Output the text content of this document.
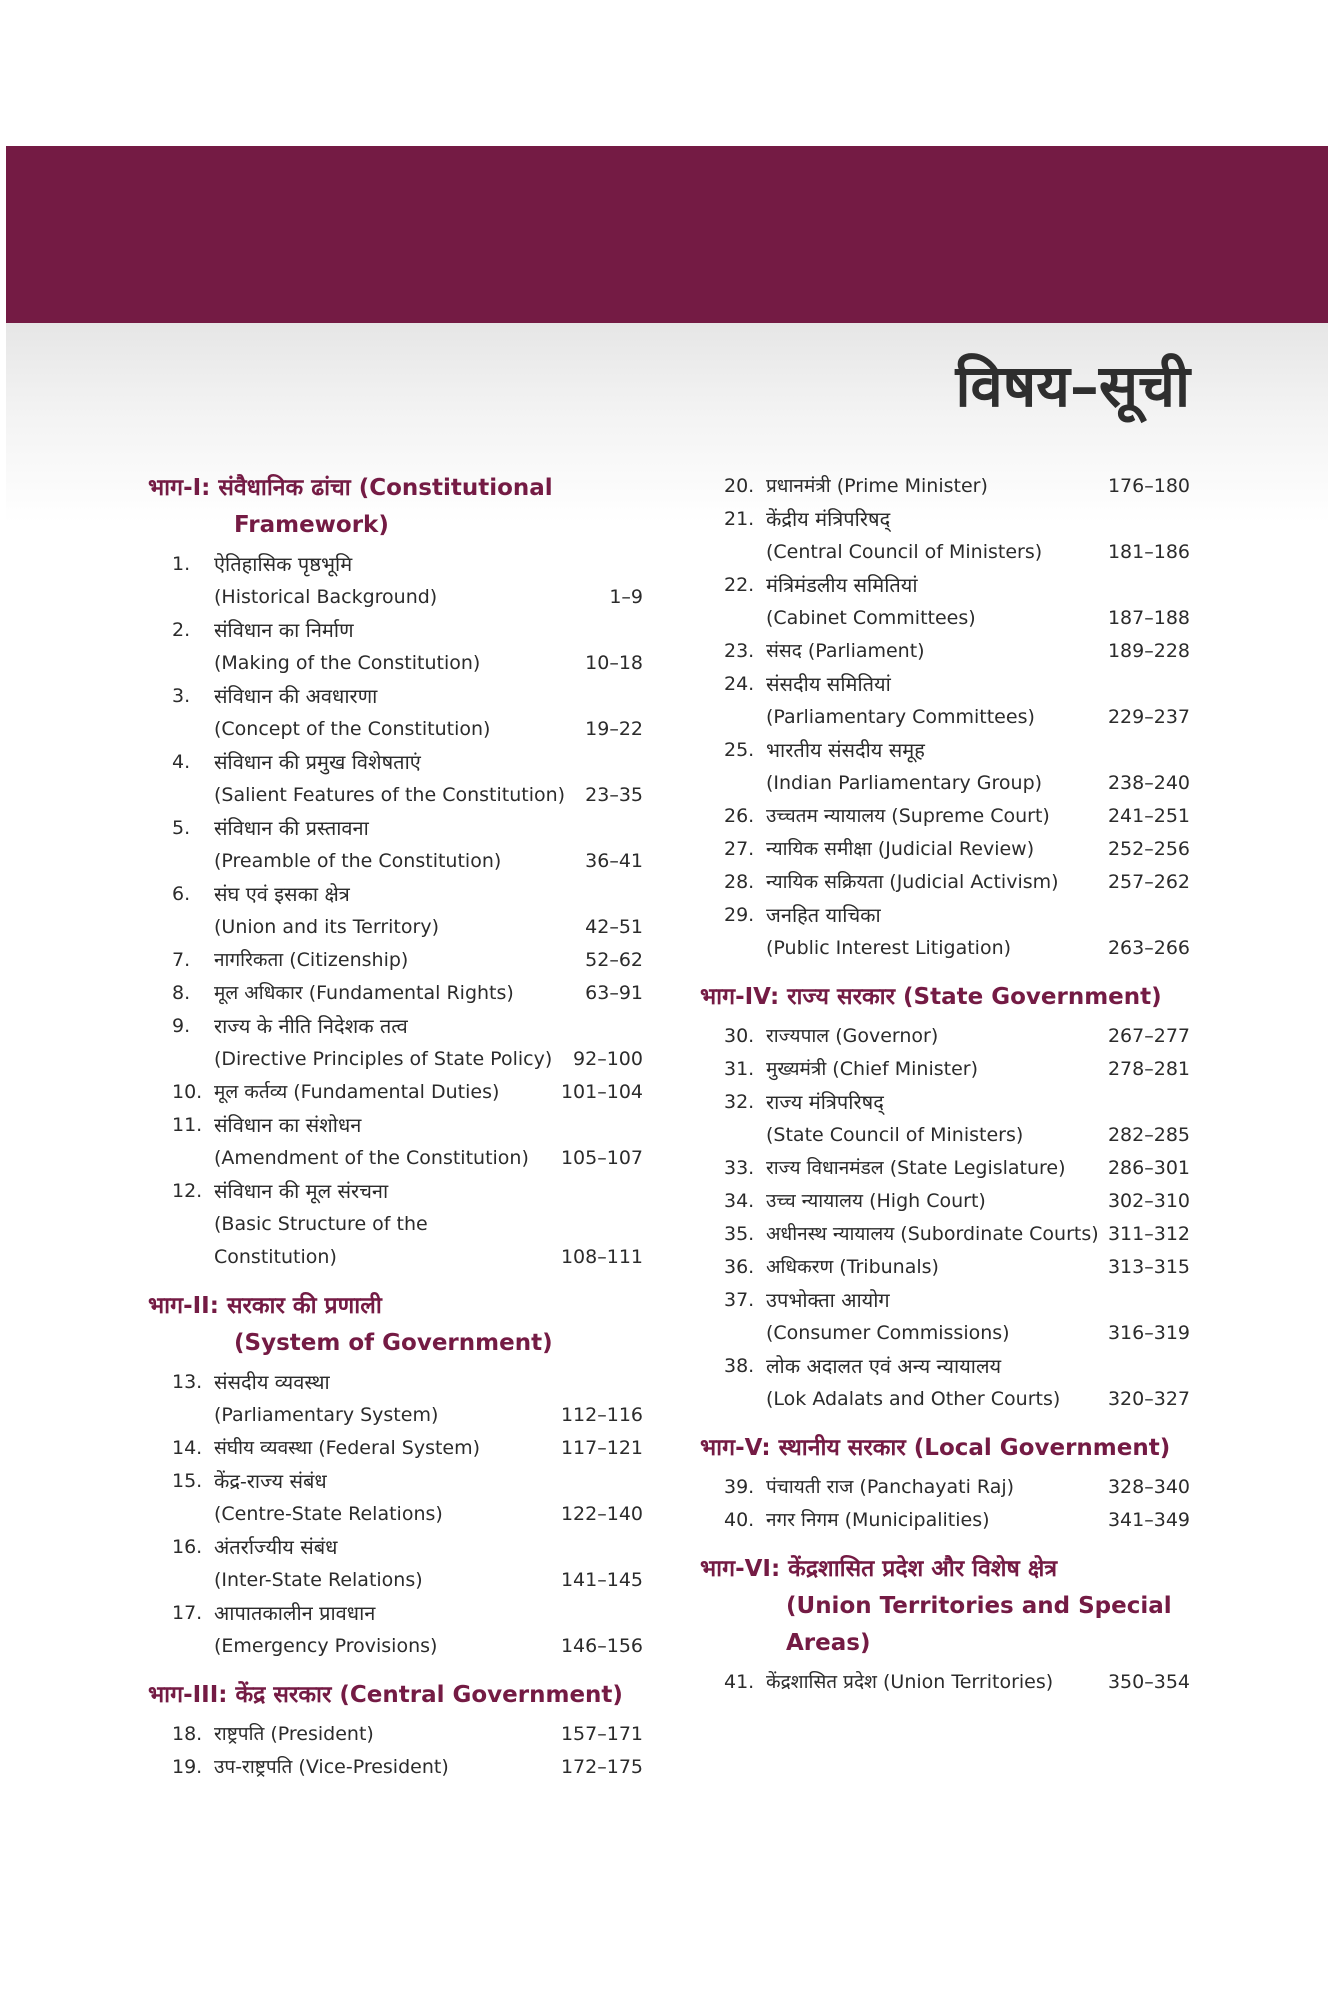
विषय–सूची
भाग-I: संवैधानिक ढांचा (Constitutional
Framework)
1.	ऐतिहासिक पृष्ठभूमि
(Historical Background)	1–9
2.	संविधान का निर्माण
(Making of the Constitution)	10–18
3.	संविधान की अवधारणा
(Concept of the Constitution)	19–22
4.	संविधान की प्रमुख विशेषताएं
(Salient Features of the Constitution)	23–35
5.	संविधान की प्रस्तावना
(Preamble of the Constitution)	36–41
6.	संघ एवं इसका क्षेत्र
(Union and its Territory)	42–51
7.	नागरिकता (Citizenship)	52–62
8.	मूल अधिकार (Fundamental Rights)	63–91
9.	राज्य के नीति निदेशक तत्व
(Directive Principles of State Policy)	92–100
10. मूल कर्तव्य (Fundamental Duties)	101–104
11. संविधान का संशोधन
(Amendment of the Constitution)	105–107
12. संविधान की मूल संरचना
(Basic Structure of the Constitution)	108–111
भाग-II: सरकार की प्रणाली
(System of Government)
13. संसदीय व्यवस्था
(Parliamentary System)	112–116
14. संघीय व्यवस्था (Federal System)	117–121
15. केंद्र-राज्य संबंध
(Centre-State Relations)	122–140
16. अंतर्राज्यीय संबंध
(Inter-State Relations)	141–145
17. आपातकालीन प्रावधान
(Emergency Provisions)	146–156
भाग-III: केंद्र सरकार (Central Government)
18. राष्ट्रपति (President)	157–171
19. उप-राष्ट्रपति (Vice-President)	172–175
20. प्रधानमंत्री (Prime Minister)	176–180
21. केंद्रीय मंत्रिपरिषद्
(Central Council of Ministers)	181–186
22. मंत्रिमंडलीय समितियां
(Cabinet Committees)	187–188
23. संसद (Parliament)	189–228
24. संसदीय समितियां
(Parliamentary Committees)	229–237
25. भारतीय संसदीय समूह
(Indian Parliamentary Group)	238–240
26. उच्चतम न्यायालय (Supreme Court)	241–251
27. न्यायिक समीक्षा (Judicial Review)	252–256
28. न्यायिक सक्रियता (Judicial Activism)	257–262
29. जनहित याचिका
(Public Interest Litigation)	263–266
भाग-IV: राज्य सरकार (State Government)
30. राज्यपाल (Governor)	267–277
31. मुख्यमंत्री (Chief Minister)	278–281
32. राज्य मंत्रिपरिषद्
(State Council of Ministers)	282–285
33. राज्य विधानमंडल (State Legislature)	286–301
34. उच्च न्यायालय (High Court)	302–310
35. अधीनस्थ न्यायालय (Subordinate Courts) 311–312
36. अधिकरण (Tribunals)	313–315
37. उपभोक्ता आयोग
(Consumer Commissions)	316–319
38. लोक अदालत एवं अन्य न्यायालय
(Lok Adalats and Other Courts)	320–327
भाग-V: स्थानीय सरकार (Local Government)
39. पंचायती राज (Panchayati Raj)	328–340
40. नगर निगम (Municipalities)	341–349
भाग-VI: केंद्रशासित प्रदेश और विशेष क्षेत्र
(Union Territories and Special Areas)
41. केंद्रशासित प्रदेश (Union Territories)	350–354
